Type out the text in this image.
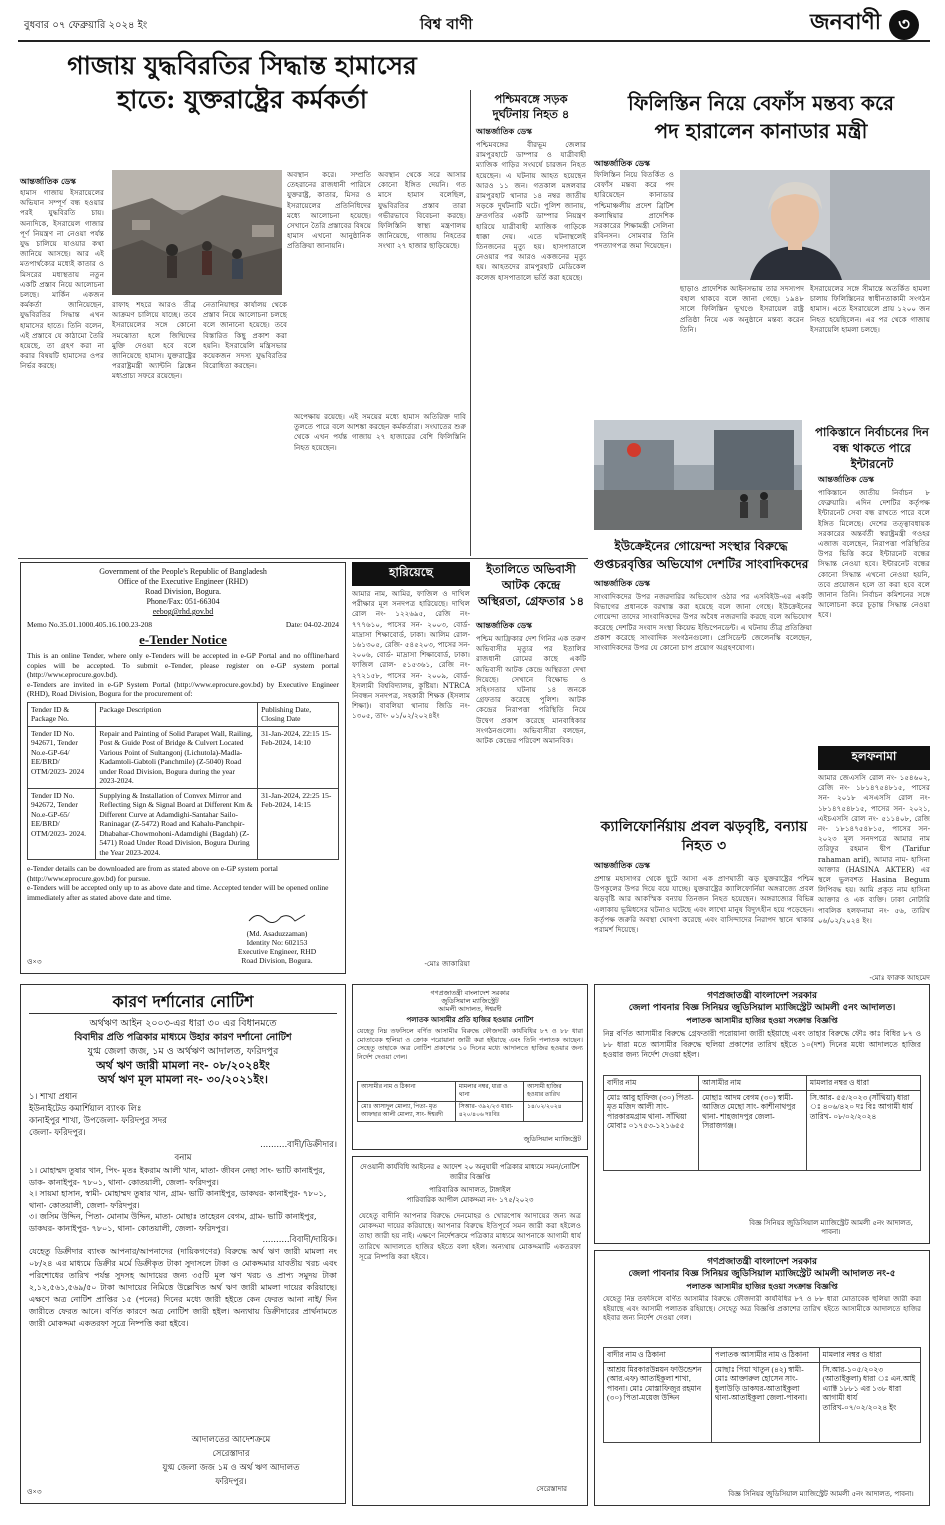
বুধবার ০৭ ফেব্রুয়ারি ২০২৪ ইং	বিশ্ব বাণী	জনবাণী ৩
গাজায় যুদ্ধবিরতির সিদ্ধান্ত হামাসের
হাতে: যুক্তরাষ্ট্রের কর্মকর্তা
আন্তর্জাতিক ডেস্ক
হামাস গাজায় ইসরায়েলের অভিযান সম্পূর্ণ বন্ধ হওয়ার পরই যুদ্ধবিরতি চায়। অন্যদিকে, ইসরায়েল গাজার পূর্ণ নিয়ন্ত্রণ না নেওয়া পর্যন্ত যুদ্ধ চালিয়ে যাওয়ার কথা জানিয়ে আসছে। আর এই মতপার্থক্যের মধ্যেই কাতার ও মিসরের মধ্যস্থতায় নতুন একটি প্রস্তাব নিয়ে আলোচনা চলছে। মার্কিন একজন কর্মকর্তা জানিয়েছেন, যুদ্ধবিরতির সিদ্ধান্ত এখন হামাসের হাতে। তিনি বলেন, এই প্রস্তাবে যে কাঠামো তৈরি হয়েছে, তা গ্রহণ করা না করার বিষয়টি হামাসের ওপর নির্ভর করছে।
অবস্থান করে। সম্প্রতি তেহরানের রাজধানী পারিসে যুক্তরাষ্ট্র, কাতার, মিসর ও ইসরায়েলের প্রতিনিধিদের মধ্যে আলোচনা হয়েছে। সেখানে তৈরি প্রস্তাবের বিষয়ে হামাস এখনো আনুষ্ঠানিক প্রতিক্রিয়া জানায়নি।
অবস্থান থেকে সরে আসার কোনো ইঙ্গিত দেয়নি। গত মাসে হামাস বলেছিল, যুদ্ধবিরতির প্রস্তাব তারা গভীরভাবে বিবেচনা করছে। ফিলিস্তিনি স্বাস্থ্য মন্ত্রণালয় জানিয়েছে, গাজায় নিহতের সংখ্যা ২৭ হাজার ছাড়িয়েছে।
রাফাহ শহরে আরও তীব্র আক্রমণ চালিয়ে যাচ্ছে। তবে ইসরায়েলের সঙ্গে কোনো সমঝোতা হলে জিম্মিদের মুক্তি দেওয়া হবে বলে জানিয়েছে হামাস। যুক্তরাষ্ট্রের পররাষ্ট্রমন্ত্রী অ্যান্টনি ব্লিঙ্কেন মধ্যপ্রাচ্য সফরে রয়েছেন।
নেতানিয়াহুর কার্যালয় থেকে প্রস্তাব নিয়ে আলোচনা চলছে বলে জানানো হয়েছে। তবে বিস্তারিত কিছু প্রকাশ করা হয়নি। ইসরায়েলি মন্ত্রিসভার কয়েকজন সদস্য যুদ্ধবিরতির বিরোধিতা করছেন।
অপেক্ষায় রয়েছে। এই সময়ের মধ্যে হামাস অতিরিক্ত দাবি তুলতে পারে বলে আশঙ্কা করছেন কর্মকর্তারা। সংঘাতের শুরু থেকে এখন পর্যন্ত গাজায় ২৭ হাজারের বেশি ফিলিস্তিনি নিহত হয়েছেন।
পশ্চিমবঙ্গে সড়ক দুর্ঘটনায় নিহত ৪
আন্তর্জাতিক ডেস্ক
পশ্চিমবঙ্গের বীরভূম জেলার রামপুরহাটে ডাম্পার ও যাত্রীবাহী ম্যাজিক গাড়ির সংঘর্ষে চারজন নিহত হয়েছেন। এ ঘটনায় আহত হয়েছেন আরও ১১ জন। গতকাল মঙ্গলবার রামপুরহাট থানার ১৪ নম্বর জাতীয় সড়কে দুর্ঘটনাটি ঘটে। পুলিশ জানায়, দ্রুতগতির একটি ডাম্পার নিয়ন্ত্রণ হারিয়ে যাত্রীবাহী ম্যাজিক গাড়িকে ধাক্কা দেয়। এতে ঘটনাস্থলেই তিনজনের মৃত্যু হয়। হাসপাতালে নেওয়ার পর আরও একজনের মৃত্যু হয়। আহতদের রামপুরহাট মেডিকেল কলেজ হাসপাতালে ভর্তি করা হয়েছে।
ফিলিস্তিন নিয়ে বেফাঁস মন্তব্য করে
পদ হারালেন কানাডার মন্ত্রী
আন্তর্জাতিক ডেস্ক
ফিলিস্তিন নিয়ে বিতর্কিত ও বেফাঁস মন্তব্য করে পদ হারিয়েছেন কানাডার পশ্চিমাঞ্চলীয় প্রদেশ ব্রিটিশ কলাম্বিয়ার প্রাদেশিক সরকারের শিক্ষামন্ত্রী সেলিনা রবিনসন। সোমবার তিনি পদত্যাগপত্র জমা দিয়েছেন।
ছাড়াও প্রাদেশিক আইনসভায় তার সদস্যপদ বহাল থাকবে বলে জানা গেছে। ১৯৪৮ সালে ফিলিস্তিন ভূখণ্ডে ইসরায়েল রাষ্ট্র প্রতিষ্ঠা নিয়ে এক অনুষ্ঠানে মন্তব্য করেন তিনি।
ইসরায়েলের সঙ্গে সীমান্তে অতর্কিত হামলা চালায় ফিলিস্তিনের স্বাধীনতাকামী সংগঠন হামাস। এতে ইসরায়েলে প্রায় ১২০০ জন নিহত হয়েছিলেন। এর পর থেকে গাজায় ইসরায়েলি হামলা চলছে।
ইউক্রেইনের গোয়েন্দা সংস্থার বিরুদ্ধে
গুপ্তচরবৃত্তির অভিযোগ দেশটির সাংবাদিকদের
আন্তর্জাতিক ডেস্ক
সাংবাদিকদের উপর নজরদারির অভিযোগ ওঠার পর এসবিইউ-এর একটি বিভাগের প্রধানকে বরখাস্ত করা হয়েছে বলে জানা গেছে। ইউক্রেইনের গোয়েন্দা তাদের সাংবাদিকদের উপর অবৈধ নজরদারি করছে বলে অভিযোগ করেছে দেশটির সংবাদ সংস্থা কিয়েভ ইন্ডিপেনডেন্ট। এ ঘটনায় তীব্র প্রতিক্রিয়া প্রকাশ করেছে সাংবাদিক সংগঠনগুলো। প্রেসিডেন্ট জেলেনস্কি বলেছেন, সাংবাদিকদের উপর যে কোনো চাপ প্রয়োগ অগ্রহণযোগ্য।
পাকিস্তানে নির্বাচনের দিন বন্ধ থাকতে পারে ইন্টারনেট
আন্তর্জাতিক ডেস্ক
পাকিস্তানে জাতীয় নির্বাচন ৮ ফেব্রুয়ারি। এদিন দেশটির কর্তৃপক্ষ ইন্টারনেট সেবা বন্ধ রাখতে পারে বলে ইঙ্গিত মিলেছে। দেশের তত্ত্বাবধায়ক সরকারের অন্তর্বর্তী স্বরাষ্ট্রমন্ত্রী গওহর এজাজ বলেছেন, নিরাপত্তা পরিস্থিতির উপর ভিত্তি করে ইন্টারনেট বন্ধের সিদ্ধান্ত নেওয়া হবে। ইন্টারনেট বন্ধের কোনো সিদ্ধান্ত এখনো নেওয়া হয়নি, তবে প্রয়োজন হলে তা করা হবে বলে জানান তিনি। নির্বাচন কমিশনের সঙ্গে আলোচনা করে চূড়ান্ত সিদ্ধান্ত নেওয়া হবে।
হলফনামা
আমার জেএসসি রোল নং- ১৫৪৬০২, রেজি নং- ১৮১৪৭৫৪৮১৫, পাসের সন- ২০১৮ এসএসসি রোল নং- ১৮১৪৭৫৪৮১৫, পাসের সন- ২০২১, এইচএসসি রোল নং- ৫১১৪০৮, রেজি নং- ১৮১৪৭৫৪৮১৫, পাসের সন- ২০২৩ মূল সনদপত্রে আমার নাম তরিফুর রহমান দ্বীপ (Tarifur rahaman arif), আমার নাম- হাসিনা আক্তার (HASINA AKTER) এর স্থলে ভুলবশত Hasina Begum লিপিবদ্ধ হয়। আমি প্রকৃত নাম হাসিনা আক্তার ও এক ব্যক্তি। ঢাকা নোটারি পাবলিক হলফনামা নং- ৫৬, তারিখ ০৬/০২/২০২৪ ইং।
-মোঃ ফারুক আহমেদ
Government of the People's Republic of Bangladesh
Office of the Executive Engineer (RHD)
Road Division, Bogura.
Phone/Fax: 051-66304
eebog@rhd.gov.bd
Memo No.35.01.1000.405.16.100.23-208	Date: 04-02-2024
e-Tender Notice
This is an online Tender, where only e-Tenders will be accepted in e-GP Portal and no offline/hard copies will be accepted. To submit e-Tender, please register on e-GP system portal (http://www.eprocure.gov.bd).
e-Tenders are invited in e-GP System Portal (http://www.eprocure.gov.bd) by Executive Engineer (RHD), Road Division, Bogura for the procurement of:
Tender ID & Package No.	Package Description	Publishing Date, Closing Date
Tender ID No. 942671, Tender No.e-GP-64/ EE/BRD/ OTM/2023- 2024	Repair and Painting of Solid Parapet Wall, Railing, Post & Guide Post of Bridge & Culvert Located Various Point of Sultangonj (Lichutola)-Madla-Kadamtoli-Gabtoli (Panchmile) (Z-5040) Road under Road Division, Bogura during the year 2023-2024.	31-Jan-2024, 22:15 15-Feb-2024, 14:10
Tender ID No. 942672, Tender No.e-GP-65/ EE/BRD/ OTM/2023- 2024.	Supplying & Installation of Convex Mirror and Reflecting Sign & Signal Board at Different Km & Different Curve at Adamdighi-Santahar Sailo-Raninagar (Z-5472) Road and Kahalu-Panchpir-Dhabahar-Chowmohoni-Adamdighi (Bagdah) (Z-5471) Road Under Road Division, Bogura During the Year 2023-2024.	31-Jan-2024, 22:25 15-Feb-2024, 14:15
e-Tender details can be downloaded are from as stated above on e-GP system portal (http://www.eprocure.gov.bd) for pursue.
e-Tenders will be accepted only up to as above date and time. Accepted tender will be opened online immediately after as stated above date and time.
(Md. Asaduzzaman)
Identity No: 602153
Executive Engineer, RHD
Road Division, Bogura.
ও×৩
হারিয়েছে
আমার নাম, আমির, ফাজিল ও দাখিল পরীক্ষার মূল সনদপত্র হারিয়েছে। দাখিল রোল নং- ১২২৬৯৫, রেজি নং- ৭৭৭৬১০, পাসের সন- ২০০৩, বোর্ড- মাদ্রাসা শিক্ষাবোর্ড, ঢাকা। আলিম রোল- ১৬১৩০৫, রেজি- ৫৪৫২০৩, পাসের সন- ২০০৬, বোর্ড- মাদ্রাসা শিক্ষাবোর্ড, ঢাকা। ফাজিল রোল- ৫১৫৩৬১, রেজি নং- ২৭২১৫৮, পাসের সন- ২০০৯, বোর্ড- ইসলামী বিশ্ববিদ্যালয়, কুষ্টিয়া। NTRCA নিবন্ধন সনদপত্র, সহকারী শিক্ষক (ইসলাম শিক্ষা)। বাবলিয়া থানায় জিডি নং- ১৩০৫, তাং- ০১/০২/২০২৪ইং
-মোঃ জাকারিয়া
ইতালিতে অভিবাসী
আটক কেন্দ্রে
অস্থিরতা, গ্রেফতার ১৪
আন্তর্জাতিক ডেস্ক
পশ্চিম আফ্রিকার দেশ গিনির এক তরুণ অভিবাসীর মৃত্যুর পর ইতালির রাজধানী রোমের কাছে একটি অভিবাসী আটক কেন্দ্রে অস্থিরতা দেখা দিয়েছে। সেখানে বিক্ষোভ ও সহিংসতার ঘটনায় ১৪ জনকে গ্রেফতার করেছে পুলিশ। আটক কেন্দ্রের নিরাপত্তা পরিস্থিতি নিয়ে উদ্বেগ প্রকাশ করেছে মানবাধিকার সংগঠনগুলো। অভিবাসীরা বলছেন, আটক কেন্দ্রের পরিবেশ অমানবিক।
ক্যালিফোর্নিয়ায় প্রবল ঝড়বৃষ্টি, বন্যায় নিহত ৩
আন্তর্জাতিক ডেস্ক
প্রশান্ত মহাসাগর থেকে ছুটে আসা এক প্রাণঘাতী ঝড় যুক্তরাষ্ট্রের পশ্চিম উপকূলের উপর দিয়ে বয়ে যাচ্ছে। যুক্তরাষ্ট্রের ক্যালিফোর্নিয়া অঙ্গরাজ্যে প্রবল ঝড়বৃষ্টি আর আকস্মিক বন্যায় তিনজন নিহত হয়েছেন। অঙ্গরাজ্যের বিভিন্ন এলাকায় ভূমিধসের ঘটনাও ঘটেছে এবং লাখো মানুষ বিদ্যুৎহীন হয়ে পড়েছেন। কর্তৃপক্ষ জরুরি অবস্থা ঘোষণা করেছে এবং বাসিন্দাদের নিরাপদ স্থানে থাকার পরামর্শ দিয়েছে।
কারণ দর্শানোর নোটিশ
অর্থঋণ আইন ২০০৩-এর ধারা ৩০ এর বিধানমতে
বিবাদীর প্রতি পত্রিকার মাধ্যমে উহার কারণ দর্শানো নোটিশ
যুগ্ম জেলা জজ, ১ম ও অর্থঋণ আদালত, ফরিদপুর
অর্থ ঋণ জারী মামলা নং- ০৮/২০২৪ইং
অর্থ ঋণ মূল মামলা নং- ৩০/২০২১ইং।
১। শাখা প্রধান
ইউনাইটেড কমার্শিয়াল ব্যাংক লিঃ
কানাইপুর শাখা, উপজেলা- ফরিদপুর সদর
জেলা- ফরিদপুর।
..........বাদী/ডিক্রীদার।
বনাম
১। মোহাম্মদ তুষার খান, পিং- মৃতঃ ইকরাম আলী খান, মাতা- জীবন নেছা সাং- ভাটি কানাইপুর, ডাক- কানাইপুর- ৭৮০১, থানা- কোতয়ালী, জেলা- ফরিদপুর।
২। সায়মা হাসান, স্বামী- মোহাম্মদ তুষার খান, গ্রাম- ভাটি কানাইপুর, ডাকঘর- কানাইপুর- ৭৮০১, থানা- কোতয়ালী, জেলা- ফরিদপুর।
৩। জসিম উদ্দিন, পিতা- মোনাম উদ্দিন, মাতা- মোছাঃ তাহেরন বেগম, গ্রাম- ভাটি কানাইপুর, ডাকঘর- কানাইপুর- ৭৮০১, থানা- কোতয়ালী, জেলা- ফরিদপুর।
..........বিবাদী/দায়িক।
যেহেতু ডিক্রীদার ব্যাংক আপনার/আপনাদের (দায়িকগণের) বিরুদ্ধে অর্থ ঋণ জারী মামলা নং ০৮/২৪ এর মাধ্যমে ডিক্রীর মর্মে ডিক্রীকৃত টাকা সুদাসলে টাকা ও মোকদ্দমার যাবতীয় খরচ এবং পরিশোধের তারিখ পর্যন্ত সুদসহ আদায়ের জন্য ৩৫টি মূল ঋণ খরচ ও প্রাপ্য সমুদয় টাকা ২,১২,৫৬১,৫৬৯/৫০ টাকা আদায়ের নিমিত্তে উল্লেখিত অর্থ ঋণ জারী মামলা দায়ের করিয়াছে। এক্ষণে অত্র নোটিশ প্রাপ্তির ১৫ (পনের) দিনের মধ্যে জারী হইতে কেন ফেরত আনা নাই/ দিন জারীতে ফেরত আনে। বর্ণিত কারণে অত্র নোটিশ জারী হইল। অন্যথায় ডিক্রীদারের প্রার্থনামতে জারী মোকদ্দমা একতরফা সূত্রে নিষ্পত্তি করা হইবে।
আদালতের আদেশক্রমে
সেরেস্তাদার
যুগ্ম জেলা জজ ১ম ও অর্থ ঋণ আদালত
ফরিদপুর।
ও×৩
গণপ্রজাতন্ত্রী বাংলাদেশ সরকার
জুডিসিয়াল ম্যাজিস্ট্রেট
আমলী আদালত, ঈশ্বরদী
পলাতক আসামীর প্রতি হাজির হওয়ার নোটিশ
যেহেতু নিম্ন তফসিলে বর্ণিত আসামীর বিরুদ্ধে ফৌজদারী কার্যবিধির ৮৭ ও ৮৮ ধারা মোতাবেক হুলিয়া ও ক্রোক পরোয়ানা জারী করা হইয়াছে এবং তিনি পলাতক আছেন। সেহেতু তাহাকে অত্র নোটিশ প্রকাশের ১০ দিনের মধ্যে আদালতে হাজির হওয়ার জন্য নির্দেশ দেওয়া গেল।
আসামীর নাম ও ঠিকানা	মামলার নম্বর, ধারা ও থানা	আসামী হাজির হওয়ার তারিখ
মোঃ আসাদুল মোল্যা, পিতা- মৃত আফছার আলী মোল্যা, সাং- ঈশ্বরদী	সিআর- ৩৯২/২৩ ধারা- ৪২০/৪০৬ দঃবিঃ	১৪/০২/২০২৪
জুডিসিয়াল ম্যাজিস্ট্রেট
দেওয়ানী কার্যবিধি আইনের ৫ আদেশ ২০ অনুযায়ী পত্রিকার মাধ্যমে সমন/নোটিশ জারীর বিজ্ঞপ্তি
পারিবারিক আদালত, টাঙ্গাইল
পারিবারিক আপীল মোকদ্দমা নং- ১৭৫/২০২৩
যেহেতু বাদীনি আপনার বিরুদ্ধে দেনমোহর ও খোরপোষ আদায়ের জন্য অত্র মোকদ্দমা দায়ের করিয়াছে। আপনার বিরুদ্ধে ইতিপূর্বে সমন জারী করা হইলেও তাহা জারী হয় নাই। এক্ষণে নির্দেশক্রমে পত্রিকার মাধ্যমে আপনাকে আগামী ধার্য তারিখে আদালতে হাজির হইতে বলা হইল। অন্যথায় মোকদ্দমাটি একতরফা সূত্রে নিষ্পত্তি করা হইবে।
সেরেস্তাদার
গণপ্রজাতন্ত্রী বাংলাদেশ সরকার
জেলা পাবনার বিজ্ঞ সিনিয়র জুডিসিয়াল ম্যাজিস্ট্রেট আমলী ৫নং আদালত।
পলাতক আসামীর হাজির হওয়া সংক্রান্ত বিজ্ঞপ্তি
নিম্ন বর্ণিত আসামীর বিরুদ্ধে গ্রেফতারী পরোয়ানা জারী হইয়াছে এবং তাহার বিরুদ্ধে ফৌঃ কাঃ বিধির ৮৭ ও ৮৮ ধারা মতে আসামীর বিরুদ্ধে হুলিয়া প্রকাশের তারিখ হইতে ১০(দশ) দিনের মধ্যে আদালতে হাজির হওয়ার জন্য নির্দেশ দেওয়া হইল।
বাদীর নাম	আসামীর নাম	মামলার নম্বর ও ধারা
মোঃ আবু হাফিজ (৩০) পিতা- মৃত মজিদ আলী সাং- পারকারমগ্রাম থানা- সাঁথিয়া মোবাঃ ০১৭৫৩-১২১৬৫৫	মোছাঃ আদম বেগম (৩০) স্বামী- আজিত মেছো সাং- কাশীনাথপুর থানা- শাহজাদপুর জেলা- সিরাজগঞ্জ।	সি.আর- ৫৫/২০২৩ (সাঁথিয়া) ধারা ঃ ৪০৬/৪২০ দঃ বিঃ আগামী ধার্য তারিখ- ০৮/০২/২০২৪
বিজ্ঞ সিনিয়র জুডিসিয়াল ম্যাজিস্ট্রেট আমলী ৫নং আদালত, পাবনা।
গণপ্রজাতন্ত্রী বাংলাদেশ সরকার
জেলা পাবনার বিজ্ঞ সিনিয়র জুডিসিয়াল ম্যাজিস্ট্রেট আমলী আদালত নং-৫
পলাতক আসামীর হাজির হওয়া সংক্রান্ত বিজ্ঞপ্তি
যেহেতু নিম্ন তফসিলে বর্ণিত আসামীর বিরুদ্ধে ফৌজদারী কার্যবিধির ৮৭ ও ৮৮ ধারা মোতাবেক হুলিয়া জারী করা হইয়াছে এবং আসামী পলাতক রহিয়াছে। সেহেতু অত্র বিজ্ঞপ্তি প্রকাশের তারিখ হইতে আসামীকে আদালতে হাজির হইবার জন্য নির্দেশ দেওয়া গেল।
বাদীর নাম ও ঠিকানা	পলাতক আসামীর নাম ও ঠিকানা	মামলার নম্বর ও ধারা
আশ্রয় মিরকারউন্নয়ন ফাউন্ডেশন (আর.এফ) আতাইকুলা শাখা, পাবনা। মোঃ মোস্তাফিজুর রহমান (৩০) পিতা-ময়েজ উদ্দিন	মোছাঃ পিয়া খাতুন (৪২) স্বামী-মোঃ আক্তারুল হোসেন সাং-ধুলাউড়ি ডাকঘর-আতাইকুলা থানা-আতাইকুলা জেলা-পাবনা।	সি.আর-১০৫/২০২৩ (আতাইকুলা) ধারা ঃ এন.আই এ্যাক্ট ১৮৮১ এর ১৩৮ ধারা আগামী ধার্য তারিখ-০৭/০২/২০২৪ ইং
বিজ্ঞ সিনিয়র জুডিসিয়াল ম্যাজিস্ট্রেট আমলী ৫নং আদালত, পাবনা।
